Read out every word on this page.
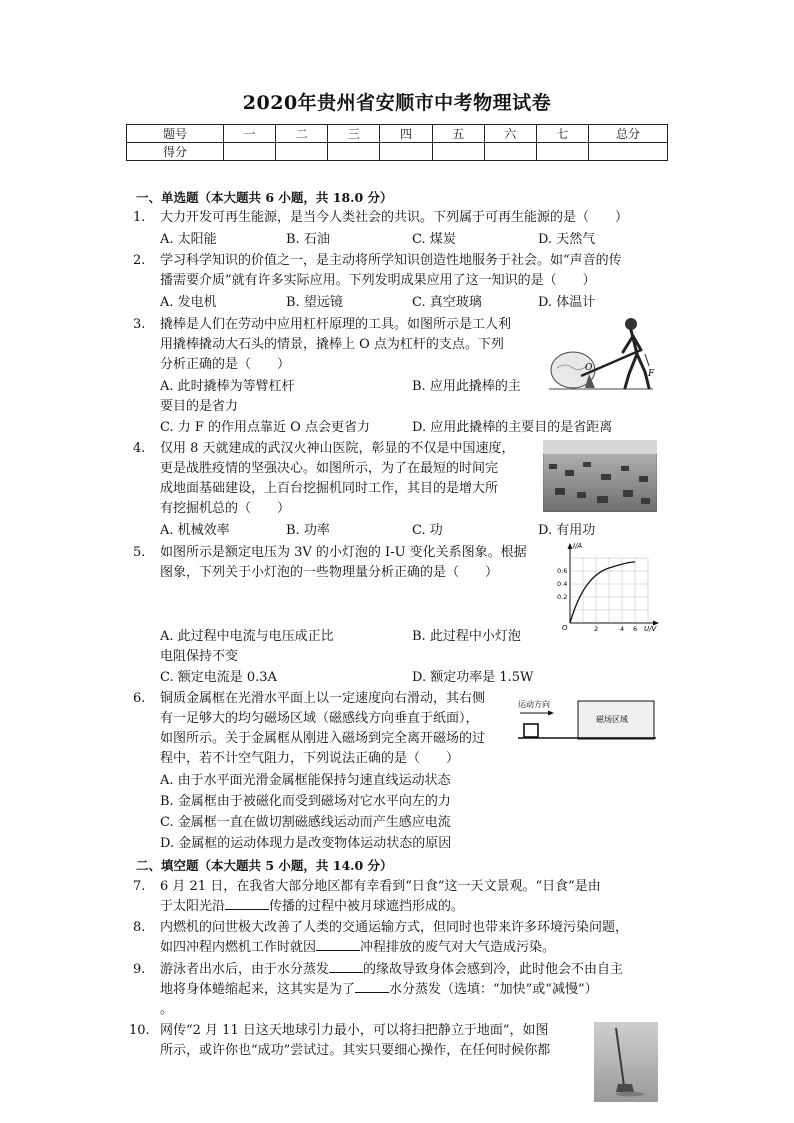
2020年贵州省安顺市中考物理试卷
题号	一	二	三	四	五	六	七	总分
得分								
一、单选题（本大题共 6 小题，共 18.0 分）
1. 大力开发可再生能源，是当今人类社会的共识。下列属于可再生能源的是（　　）
A. 太阳能	B. 石油	C. 煤炭	D. 天然气
2. 学习科学知识的价值之一，是主动将所学知识创造性地服务于社会。如“声音的传
播需要介质”就有许多实际应用。下列发明成果应用了这一知识的是（　　）
A. 发电机	B. 望远镜	C. 真空玻璃	D. 体温计
3. 撬棒是人们在劳动中应用杠杆原理的工具。如图所示是工人利
用撬棒撬动大石头的情景，撬棒上 O 点为杠杆的支点。下列
分析正确的是（　　）
A. 此时撬棒为等臂杠杆	B. 应用此撬棒的主
要目的是省力
C. 力 F 的作用点靠近 O 点会更省力	D. 应用此撬棒的主要目的是省距离
O
F
4. 仅用 8 天就建成的武汉火神山医院，彰显的不仅是中国速度，
更是战胜疫情的坚强决心。如图所示，为了在最短的时间完
成地面基础建设，上百台挖掘机同时工作，其目的是增大所
有挖掘机总的（　　）
A. 机械效率	B. 功率	C. 功	D. 有用功
5. 如图所示是额定电压为 3V 的小灯泡的 I-U 变化关系图象。根据
图象，下列关于小灯泡的一些物理量分析正确的是（　　）
A. 此过程中电流与电压成正比	B. 此过程中小灯泡
电阻保持不变
C. 额定电流是 0.3A	D. 额定功率是 1.5W
I/A
0.6
0.4
0.2
O	2	4 6 U/V
6. 铜质金属框在光滑水平面上以一定速度向右滑动，其右侧
有一足够大的均匀磁场区域（磁感线方向垂直于纸面），
如图所示。关于金属框从刚进入磁场到完全离开磁场的过
程中，若不计空气阻力，下列说法正确的是（　　）
A. 由于水平面光滑金属框能保持匀速直线运动状态
B. 金属框由于被磁化而受到磁场对它水平向左的力
C. 金属框一直在做切割磁感线运动而产生感应电流
D. 金属框的运动体现力是改变物体运动状态的原因
运动方向
磁场区域
二、填空题（本大题共 5 小题，共 14.0 分）
7. 6 月 21 日，在我省大部分地区都有幸看到“日食”这一天文景观。“日食”是由
于太阳光沿	传播的过程中被月球遮挡形成的。
8. 内燃机的问世极大改善了人类的交通运输方式，但同时也带来许多环境污染问题，
如四冲程内燃机工作时就因	冲程排放的废气对大气造成污染。
9. 游泳者出水后，由于水分蒸发	的缘故导致身体会感到冷，此时他会不由自主
地将身体蜷缩起来，这其实是为了	水分蒸发（选填：“加快”或“减慢”）
。
10. 网传“2 月 11 日这天地球引力最小，可以将扫把静立于地面”，如图
所示，或许你也“成功”尝试过。其实只要细心操作，在任何时候你都
